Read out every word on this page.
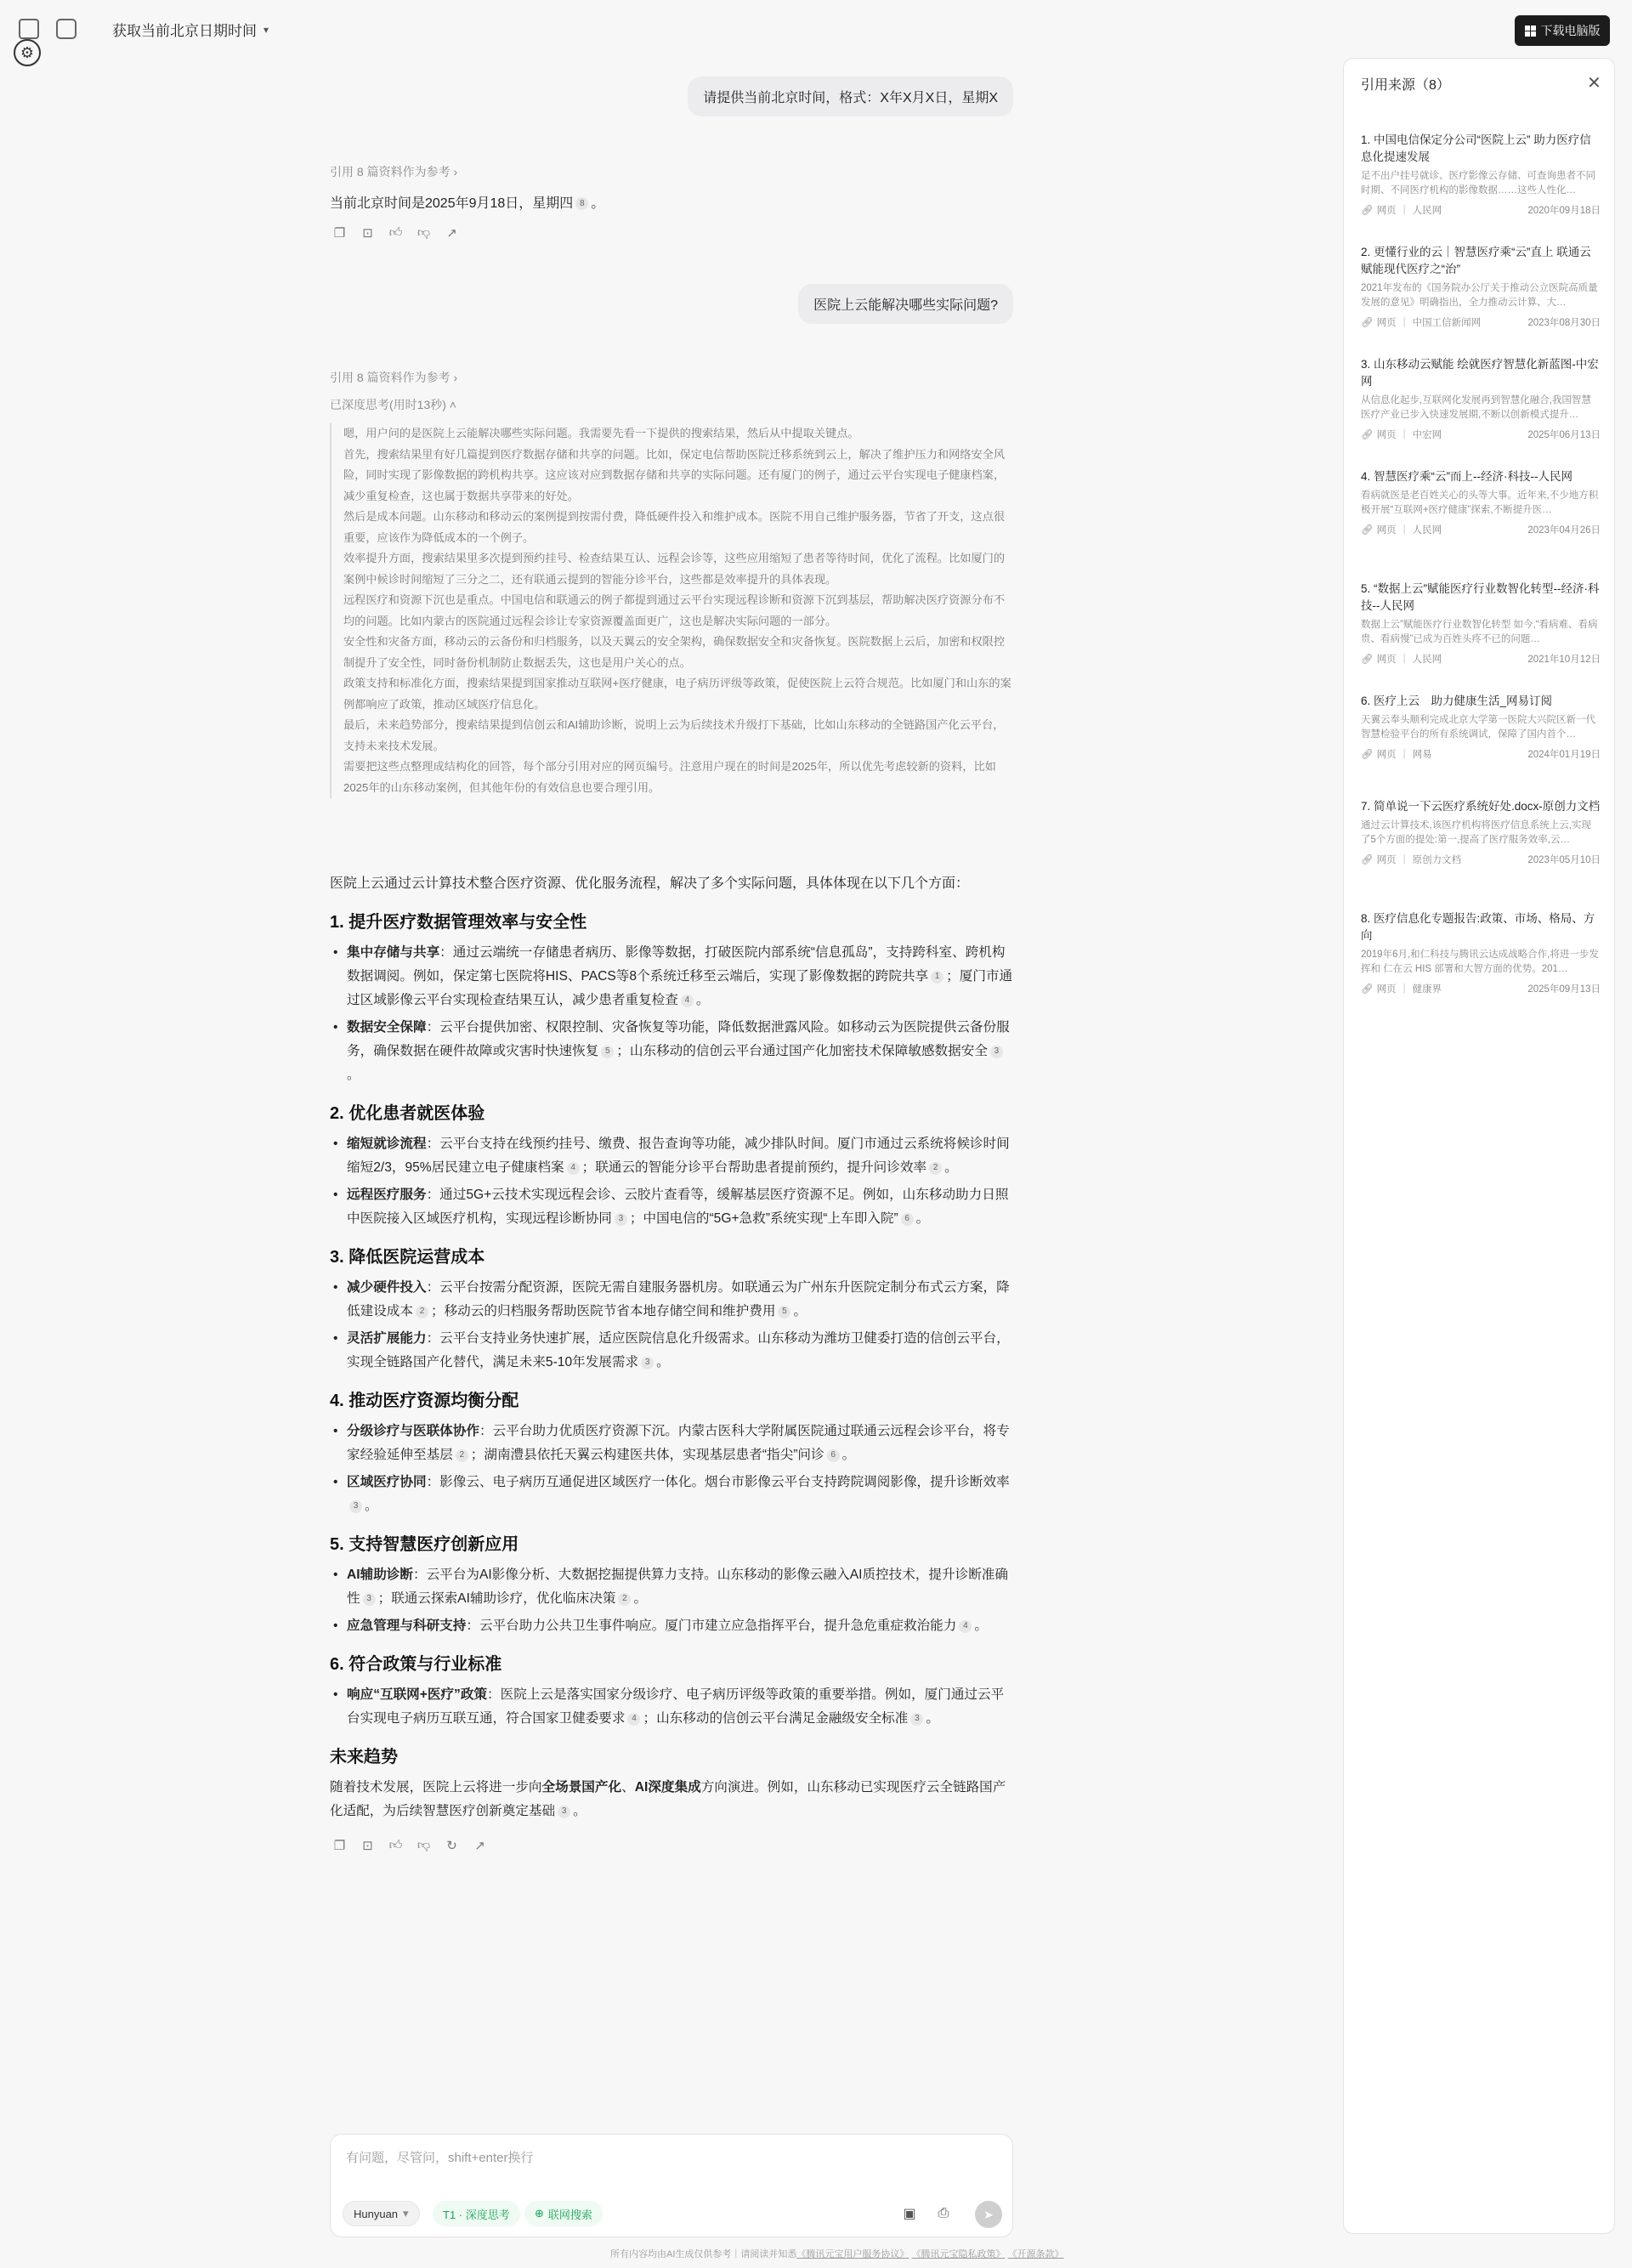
获取当前北京日期时间 ▾
⚙
下载电脑版
请提供当前北京时间，格式：X年X月X日，星期X
引用 8 篇资料作为参考 ›
当前北京时间是2025年9月18日，星期四 8 。
❐ ⊡ 👍︎ 👎︎ ↗
医院上云能解决哪些实际问题?
引用 8 篇资料作为参考 ›
已深度思考(用时13秒) ˄

嗯，用户问的是医院上云能解决哪些实际问题。我需要先看一下提供的搜索结果，然后从中提取关键点。

首先，搜索结果里有好几篇提到医疗数据存储和共享的问题。比如，保定电信帮助医院迁移系统到云上，解决了维护压力和网络安全风险，同时实现了影像数据的跨机构共享。这应该对应到数据存储和共享的实际问题。还有厦门的例子，通过云平台实现电子健康档案，减少重复检查，这也属于数据共享带来的好处。

然后是成本问题。山东移动和移动云的案例提到按需付费，降低硬件投入和维护成本。医院不用自己维护服务器，节省了开支，这点很重要，应该作为降低成本的一个例子。

效率提升方面，搜索结果里多次提到预约挂号、检查结果互认、远程会诊等，这些应用缩短了患者等待时间，优化了流程。比如厦门的案例中候诊时间缩短了三分之二，还有联通云提到的智能分诊平台，这些都是效率提升的具体表现。

远程医疗和资源下沉也是重点。中国电信和联通云的例子都提到通过云平台实现远程诊断和资源下沉到基层，帮助解决医疗资源分布不均的问题。比如内蒙古的医院通过远程会诊让专家资源覆盖面更广，这也是解决实际问题的一部分。

安全性和灾备方面，移动云的云备份和归档服务，以及天翼云的安全架构，确保数据安全和灾备恢复。医院数据上云后，加密和权限控制提升了安全性，同时备份机制防止数据丢失，这也是用户关心的点。

政策支持和标准化方面，搜索结果提到国家推动互联网+医疗健康，电子病历评级等政策，促使医院上云符合规范。比如厦门和山东的案例都响应了政策，推动区域医疗信息化。

最后，未来趋势部分，搜索结果提到信创云和AI辅助诊断，说明上云为后续技术升级打下基础，比如山东移动的全链路国产化云平台，支持未来技术发展。

需要把这些点整理成结构化的回答，每个部分引用对应的网页编号。注意用户现在的时间是2025年，所以优先考虑较新的资料，比如2025年的山东移动案例，但其他年份的有效信息也要合理引用。

医院上云通过云计算技术整合医疗资源、优化服务流程，解决了多个实际问题，具体体现在以下几个方面：

1. 提升医疗数据管理效率与安全性
• 集中存储与共享：通过云端统一存储患者病历、影像等数据，打破医院内部系统“信息孤岛”，支持跨科室、跨机构数据调阅。例如，保定第七医院将HIS、PACS等8个系统迁移至云端后，实现了影像数据的跨院共享 1 ；厦门市通过区域影像云平台实现检查结果互认，减少患者重复检查 4 。
• 数据安全保障：云平台提供加密、权限控制、灾备恢复等功能，降低数据泄露风险。如移动云为医院提供云备份服务，确保数据在硬件故障或灾害时快速恢复 5 ；山东移动的信创云平台通过国产化加密技术保障敏感数据安全 3。
2. 优化患者就医体验
• 缩短就诊流程：云平台支持在线预约挂号、缴费、报告查询等功能，减少排队时间。厦门市通过云系统将候诊时间缩短2/3，95%居民建立电子健康档案 4 ；联通云的智能分诊平台帮助患者提前预约，提升问诊效率 2 。
• 远程医疗服务：通过5G+云技术实现远程会诊、云胶片查看等，缓解基层医疗资源不足。例如，山东移动助力日照中医院接入区域医疗机构，实现远程诊断协同 3 ；中国电信的“5G+急救”系统实现“上车即入院” 6 。
3. 降低医院运营成本
• 减少硬件投入：云平台按需分配资源，医院无需自建服务器机房。如联通云为广州东升医院定制分布式云方案，降低建设成本 2 ；移动云的归档服务帮助医院节省本地存储空间和维护费用 5 。
• 灵活扩展能力：云平台支持业务快速扩展，适应医院信息化升级需求。山东移动为潍坊卫健委打造的信创云平台，实现全链路国产化替代，满足未来5-10年发展需求 3 。
4. 推动医疗资源均衡分配
• 分级诊疗与医联体协作：云平台助力优质医疗资源下沉。内蒙古医科大学附属医院通过联通云远程会诊平台，将专家经验延伸至基层 2 ；湖南澧县依托天翼云构建医共体，实现基层患者“指尖”问诊 6 。
• 区域医疗协同：影像云、电子病历互通促进区域医疗一体化。烟台市影像云平台支持跨院调阅影像，提升诊断效率3 。
5. 支持智慧医疗创新应用
• AI辅助诊断：云平台为AI影像分析、大数据挖掘提供算力支持。山东移动的影像云融入AI质控技术，提升诊断准确性 3 ；联通云探索AI辅助诊疗，优化临床决策 2 。
• 应急管理与科研支持：云平台助力公共卫生事件响应。厦门市建立应急指挥平台，提升急危重症救治能力 4 。
6. 符合政策与行业标准
• 响应“互联网+医疗”政策：医院上云是落实国家分级诊疗、电子病历评级等政策的重要举措。例如，厦门通过云平台实现电子病历互联互通，符合国家卫健委要求 4 ；山东移动的信创云平台满足金融级安全标准 3 。
未来趋势

随着技术发展，医院上云将进一步向全场景国产化、AI深度集成方向演进。例如，山东移动已实现医疗云全链路国产化适配，为后续智慧医疗创新奠定基础 3 。

❐ ⊡ 👍︎ 👎︎ ↻ ↗
有问题，尽管问，shift+enter换行
Hunyuan ▾	T1 · 深度思考 ⊕ 联网搜索	▣ ⎙	➤
所有内容均由AI生成仅供参考｜请阅读并知悉《腾讯元宝用户服务协议》 《腾讯元宝隐私政策》 《开源条款》
引用来源（8）	✕
1. 中国电信保定分公司“医院上云” 助力医疗信息化提速发展
足不出户挂号就诊、医疗影像云存储、可查询患者不同时期、不同医疗机构的影像数据……这些人性化…
🔗︎ 网页 | 人民网	2020年09月18日
2. 更懂行业的云｜智慧医疗乘“云”直上 联通云赋能现代医疗之“治”
2021年发布的《国务院办公厅关于推动公立医院高质量发展的意见》明确指出，全力推动云计算、大…
🔗︎ 网页 | 中国工信新闻网	2023年08月30日
3. 山东移动云赋能 绘就医疗智慧化新蓝图-中宏网
从信息化起步,互联网化发展再到智慧化融合,我国智慧医疗产业已步入快速发展期,不断以创新模式提升…
🔗︎ 网页 | 中宏网	2025年06月13日
4. 智慧医疗乘“云”而上--经济·科技--人民网
看病就医是老百姓关心的头等大事。近年来,不少地方积极开展“互联网+医疗健康”探索,不断提升医…
🔗︎ 网页 | 人民网	2023年04月26日
5. “数据上云”赋能医疗行业数智化转型--经济·科技--人民网
数据上云”赋能医疗行业数智化转型 如今,“看病难、看病贵、看病慢”已成为百姓头疼不已的问题…
🔗︎ 网页 | 人民网	2021年10月12日
6. 医疗上云　助力健康生活_网易订阅
天翼云奉头顺利完成北京大学第一医院大兴院区新一代智慧检验平台的所有系统调试，保障了国内首个…
🔗︎ 网页 | 网易	2024年01月19日
7. 简单说一下云医疗系统好处.docx-原创力文档
通过云计算技术,该医疗机构将医疗信息系统上云,实现了5个方面的提处:第一,提高了医疗服务效率,云…
🔗︎ 网页 | 原创力文档	2023年05月10日
8. 医疗信息化专题报告:政策、市场、格局、方向
2019年6月,和仁科技与腾讯云达成战略合作,将进一步发挥和 仁在云 HIS 部署和大智方面的优势。201…
🔗︎ 网页 | 健康界	2025年09月13日
